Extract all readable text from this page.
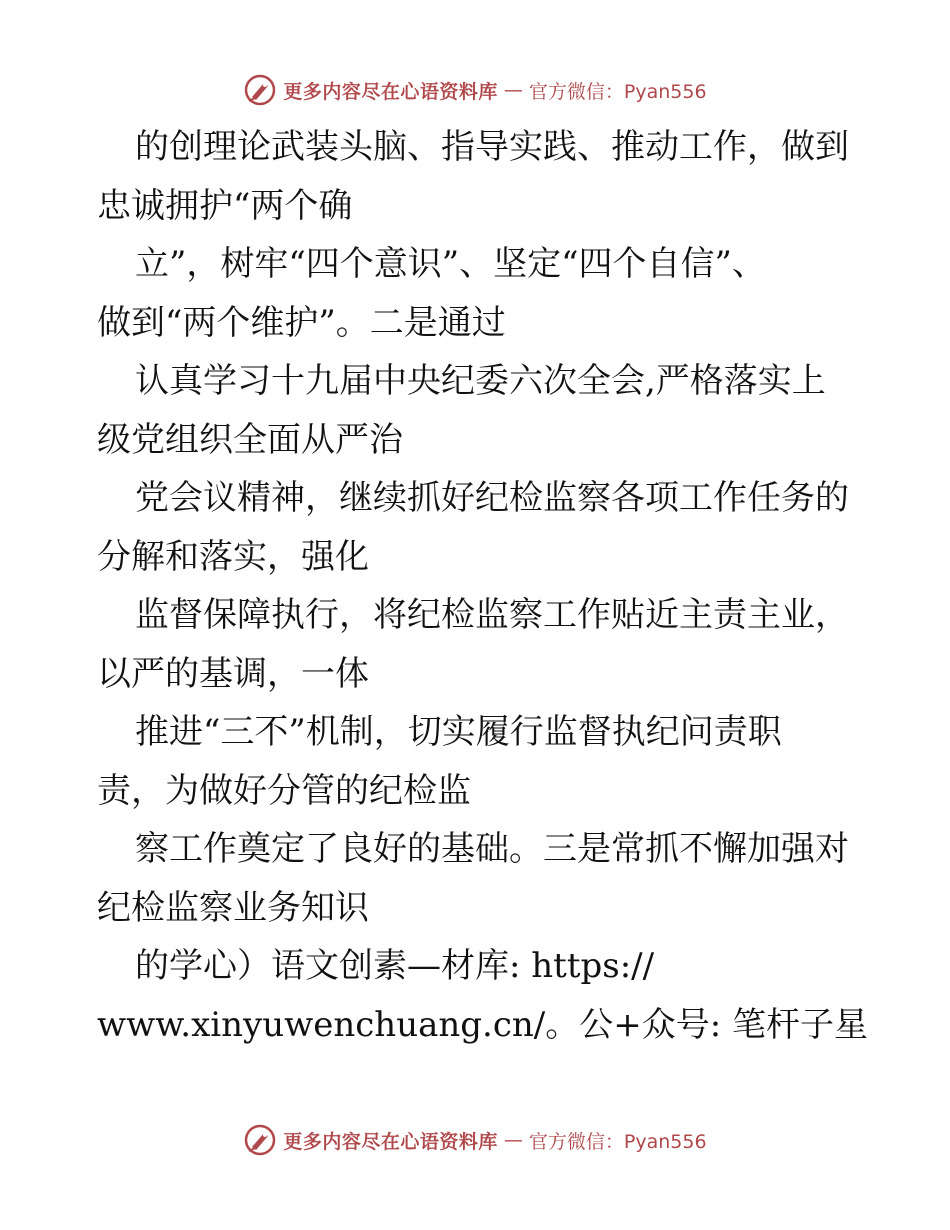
更多内容尽在心语资料库 — 官方微信：Pyan556
的创理论武装头脑、指导实践、推动工作，做到
忠诚拥护“两个确
立”，树牢“四个意识”、坚定“四个自信”、
做到“两个维护”。二是通过
认真学习十九届中央纪委六次全会,严格落实上
级党组织全面从严治
党会议精神，继续抓好纪检监察各项工作任务的
分解和落实，强化
监督保障执行，将纪检监察工作贴近主责主业，
以严的基调，一体
推进“三不”机制，切实履行监督执纪问责职
责，为做好分管的纪检监
察工作奠定了良好的基础。三是常抓不懈加强对
纪检监察业务知识
的学心）语文创素—材库: https://
www.xinyuwenchuang.cn/。公+众号: 笔杆子星
更多内容尽在心语资料库 — 官方微信：Pyan556
